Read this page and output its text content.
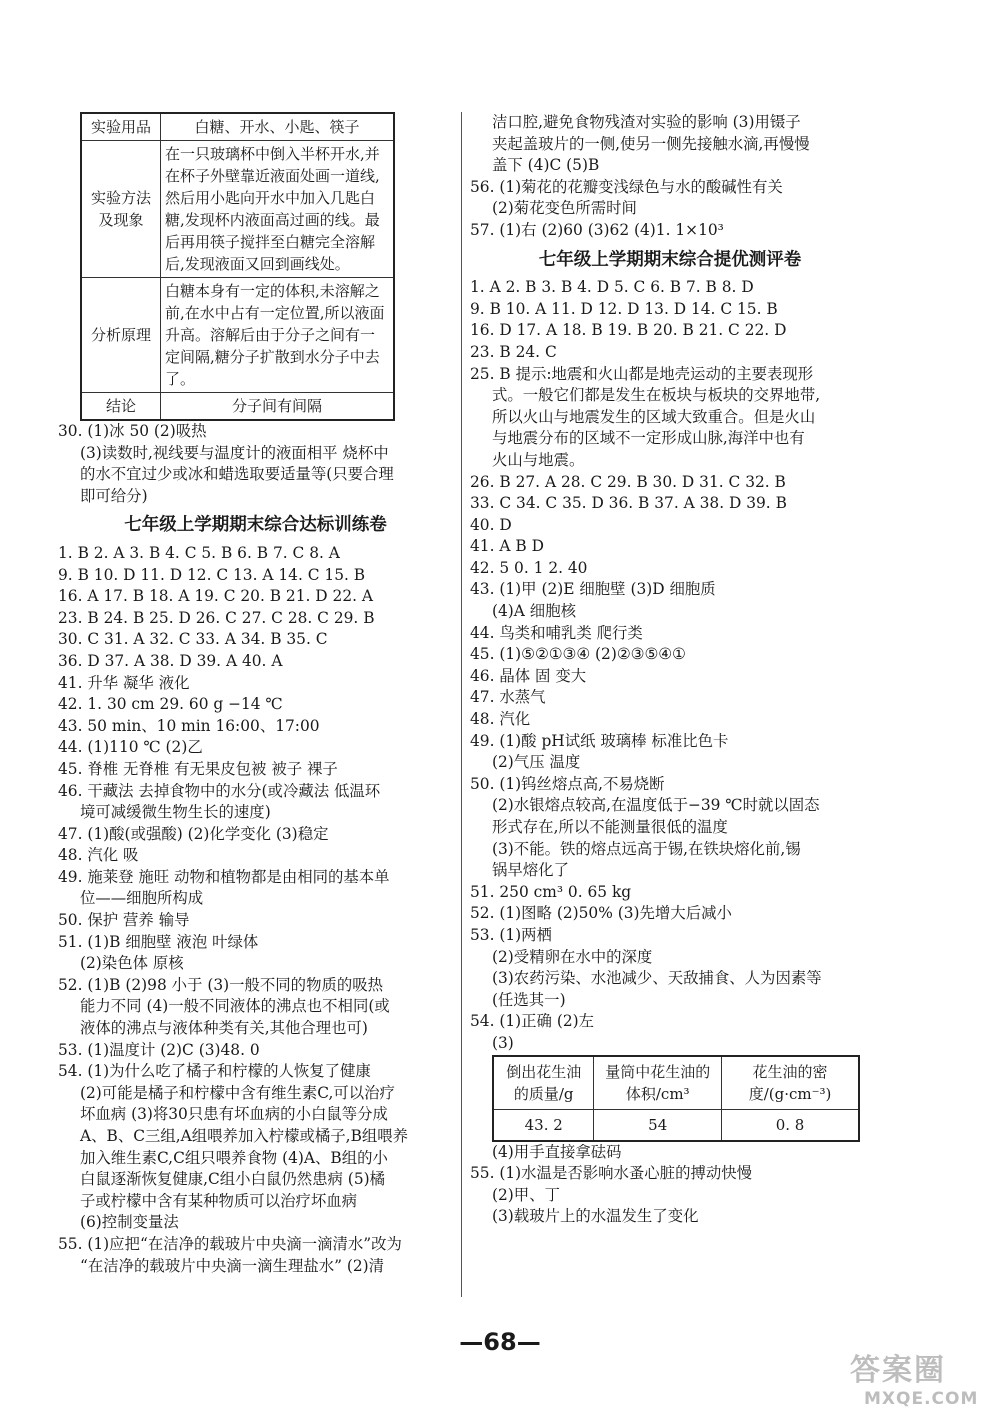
实验用品	白糖、开水、小匙、筷子
实验方法及现象	在一只玻璃杯中倒入半杯开水,并在杯子外壁靠近液面处画一道线,然后用小匙向开水中加入几匙白糖,发现杯内液面高过画的线。最后再用筷子搅拌至白糖完全溶解后,发现液面又回到画线处。
分析原理	白糖本身有一定的体积,未溶解之前,在水中占有一定位置,所以液面升高。溶解后由于分子之间有一定间隔,糖分子扩散到水分子中去了。
结论	分子间有间隔
30. (1)冰 50 (2)吸热
(3)读数时,视线要与温度计的液面相平 烧杯中
的水不宜过少或冰和蜡选取要适量等(只要合理
即可给分)
七年级上学期期末综合达标训练卷
1. B 2. A 3. B 4. C 5. B 6. B 7. C 8. A
9. B 10. D 11. D 12. C 13. A 14. C 15. B
16. A 17. B 18. A 19. C 20. B 21. D 22. A
23. B 24. B 25. D 26. C 27. C 28. C 29. B
30. C 31. A 32. C 33. A 34. B 35. C
36. D 37. A 38. D 39. A 40. A
41. 升华 凝华 液化
42. 1. 30 cm 29. 60 g −14 ℃
43. 50 min、10 min 16:00、17:00
44. (1)110 ℃ (2)乙
45. 脊椎 无脊椎 有无果皮包被 被子 裸子
46. 干藏法 去掉食物中的水分(或冷藏法 低温环
境可减缓微生物生长的速度)
47. (1)酸(或强酸) (2)化学变化 (3)稳定
48. 汽化 吸
49. 施莱登 施旺 动物和植物都是由相同的基本单
位——细胞所构成
50. 保护 营养 输导
51. (1)B 细胞壁 液泡 叶绿体
(2)染色体 原核
52. (1)B (2)98 小于 (3)一般不同的物质的吸热
能力不同 (4)一般不同液体的沸点也不相同(或
液体的沸点与液体种类有关,其他合理也可)
53. (1)温度计 (2)C (3)48. 0
54. (1)为什么吃了橘子和柠檬的人恢复了健康
(2)可能是橘子和柠檬中含有维生素C,可以治疗
坏血病 (3)将30只患有坏血病的小白鼠等分成
A、B、C三组,A组喂养加入柠檬或橘子,B组喂养
加入维生素C,C组只喂养食物 (4)A、B组的小
白鼠逐渐恢复健康,C组小白鼠仍然患病 (5)橘
子或柠檬中含有某种物质可以治疗坏血病
(6)控制变量法
55. (1)应把“在洁净的载玻片中央滴一滴清水”改为
“在洁净的载玻片中央滴一滴生理盐水” (2)清
洁口腔,避免食物残渣对实验的影响 (3)用镊子
夹起盖玻片的一侧,使另一侧先接触水滴,再慢慢
盖下 (4)C (5)B
56. (1)菊花的花瓣变浅绿色与水的酸碱性有关
(2)菊花变色所需时间
57. (1)右 (2)60 (3)62 (4)1. 1×10³
七年级上学期期末综合提优测评卷
1. A 2. B 3. B 4. D 5. C 6. B 7. B 8. D
9. B 10. A 11. D 12. D 13. D 14. C 15. B
16. D 17. A 18. B 19. B 20. B 21. C 22. D
23. B 24. C
25. B 提示:地震和火山都是地壳运动的主要表现形
式。一般它们都是发生在板块与板块的交界地带,
所以火山与地震发生的区域大致重合。但是火山
与地震分布的区域不一定形成山脉,海洋中也有
火山与地震。
26. B 27. A 28. C 29. B 30. D 31. C 32. B
33. C 34. C 35. D 36. B 37. A 38. D 39. B
40. D
41. A B D
42. 5 0. 1 2. 40
43. (1)甲 (2)E 细胞壁 (3)D 细胞质
(4)A 细胞核
44. 鸟类和哺乳类 爬行类
45. (1)⑤②①③④ (2)②③⑤④①
46. 晶体 固 变大
47. 水蒸气
48. 汽化
49. (1)酸 pH试纸 玻璃棒 标准比色卡
(2)气压 温度
50. (1)钨丝熔点高,不易烧断
(2)水银熔点较高,在温度低于−39 ℃时就以固态
形式存在,所以不能测量很低的温度
(3)不能。铁的熔点远高于锡,在铁块熔化前,锡
锅早熔化了
51. 250 cm³ 0. 65 kg
52. (1)图略 (2)50% (3)先增大后减小
53. (1)两栖
(2)受精卵在水中的深度
(3)农药污染、水池减少、天敌捕食、人为因素等
(任选其一)
54. (1)正确 (2)左
(3)
倒出花生油的质量/g	量筒中花生油的体积/cm³	花生油的密度/(g·cm⁻³)
43. 2	54	0. 8
(4)用手直接拿砝码
55. (1)水温是否影响水蚤心脏的搏动快慢
(2)甲、丁
(3)载玻片上的水温发生了变化
—68—
答案圈
MXQE.COM
